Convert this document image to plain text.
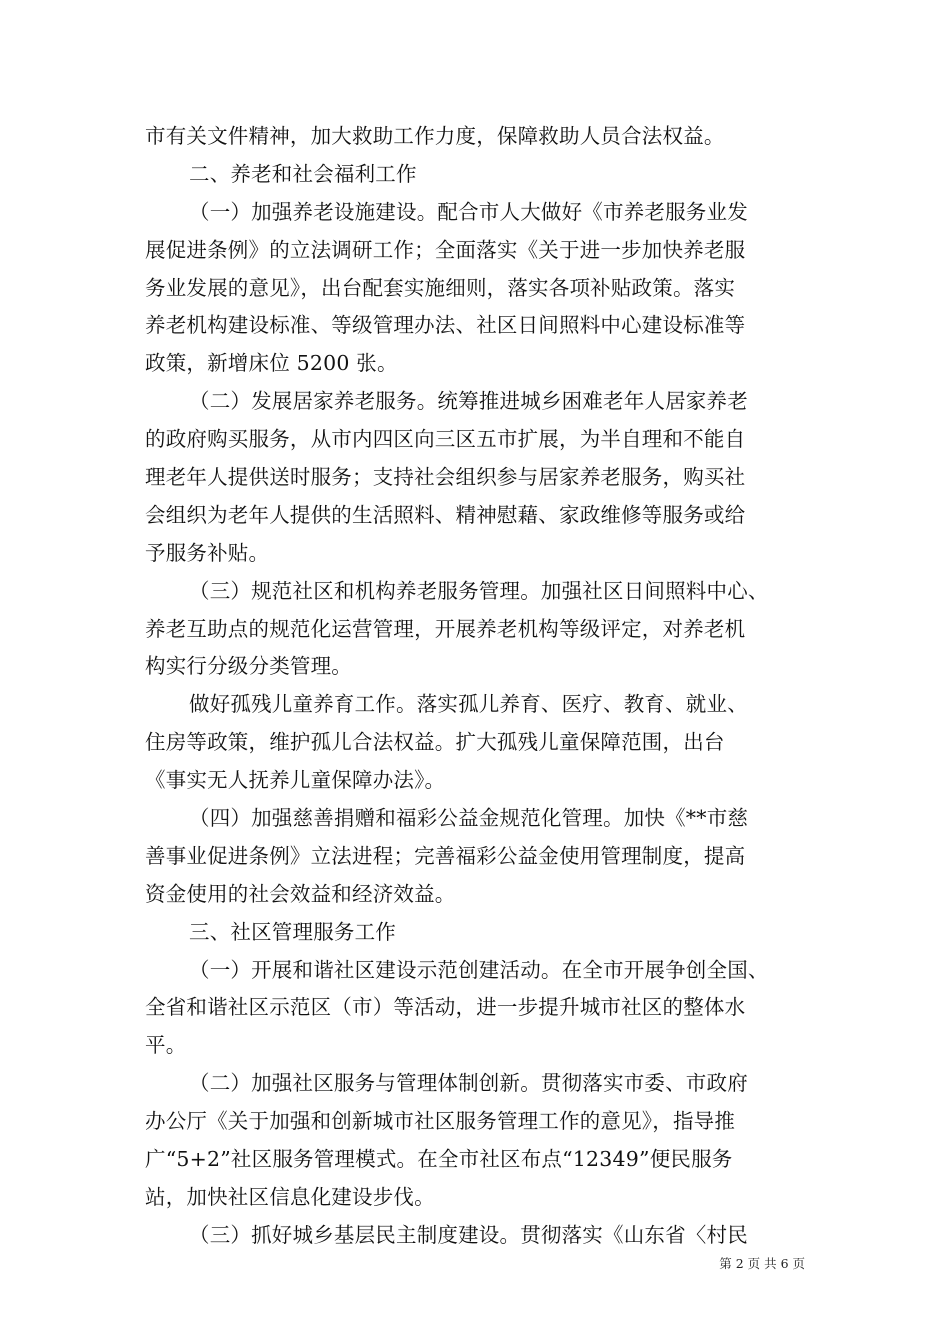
市有关文件精神，加大救助工作力度，保障救助人员合法权益。
二、养老和社会福利工作
（一）加强养老设施建设。配合市人大做好《市养老服务业发
展促进条例》的立法调研工作；全面落实《关于进一步加快养老服
务业发展的意见》，出台配套实施细则，落实各项补贴政策。落实
养老机构建设标准、等级管理办法、社区日间照料中心建设标准等
政策，新增床位 5200 张。
（二）发展居家养老服务。统筹推进城乡困难老年人居家养老
的政府购买服务，从市内四区向三区五市扩展，为半自理和不能自
理老年人提供送时服务；支持社会组织参与居家养老服务，购买社
会组织为老年人提供的生活照料、精神慰藉、家政维修等服务或给
予服务补贴。
（三）规范社区和机构养老服务管理。加强社区日间照料中心、
养老互助点的规范化运营管理，开展养老机构等级评定，对养老机
构实行分级分类管理。
做好孤残儿童养育工作。落实孤儿养育、医疗、教育、就业、
住房等政策，维护孤儿合法权益。扩大孤残儿童保障范围，出台
《事实无人抚养儿童保障办法》。
（四）加强慈善捐赠和福彩公益金规范化管理。加快《**市慈
善事业促进条例》立法进程；完善福彩公益金使用管理制度，提高
资金使用的社会效益和经济效益。
三、社区管理服务工作
（一）开展和谐社区建设示范创建活动。在全市开展争创全国、
全省和谐社区示范区（市）等活动，进一步提升城市社区的整体水
平。
（二）加强社区服务与管理体制创新。贯彻落实市委、市政府
办公厅《关于加强和创新城市社区服务管理工作的意见》，指导推
广“5+2”社区服务管理模式。在全市社区布点“12349”便民服务
站，加快社区信息化建设步伐。
（三）抓好城乡基层民主制度建设。贯彻落实《山东省〈村民
第 2 页 共 6 页
